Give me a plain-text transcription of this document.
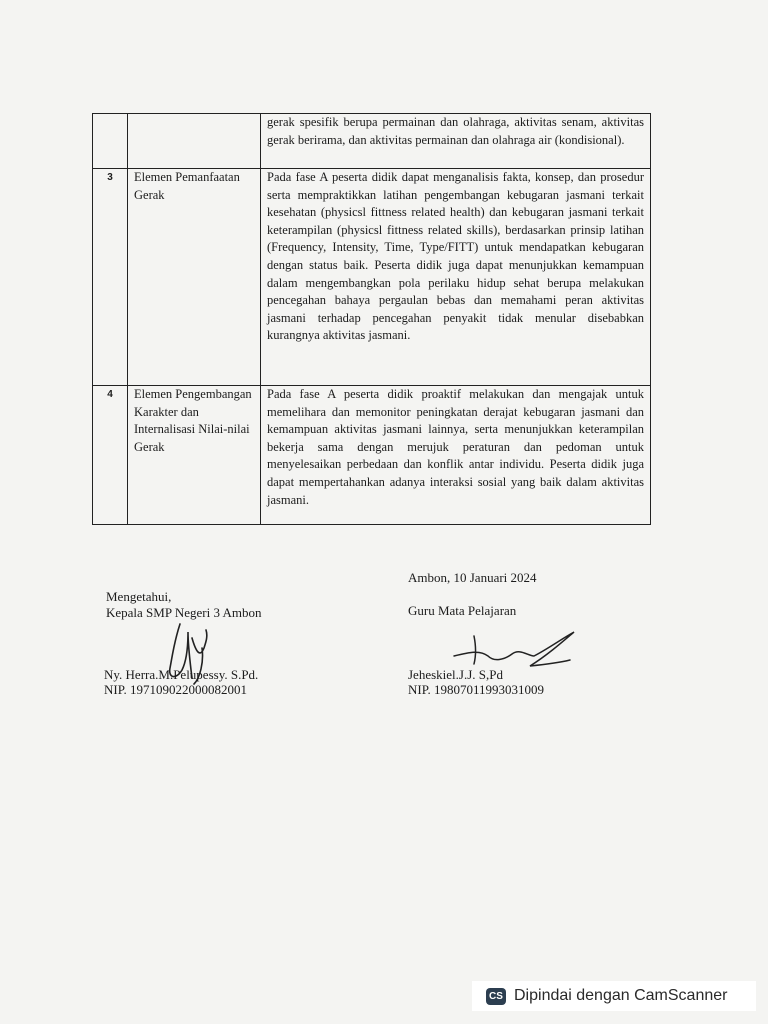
		gerak spesifik berupa permainan dan olahraga, aktivitas senam, aktivitas gerak berirama, dan aktivitas permainan dan olahraga air (kondisional).
3	Elemen Pemanfaatan Gerak	Pada fase A peserta didik dapat menganalisis fakta, konsep, dan prosedur serta mempraktikkan latihan pengembangan kebugaran jasmani terkait kesehatan (physicsl fittness related health) dan kebugaran jasmani terkait keterampilan (physicsl fittness related skills), berdasarkan prinsip latihan (Frequency, Intensity, Time, Type/FITT) untuk mendapatkan kebugaran dengan status baik. Peserta didik juga dapat menunjukkan kemampuan dalam mengembangkan pola perilaku hidup sehat berupa melakukan pencegahan bahaya pergaulan bebas dan memahami peran aktivitas jasmani terhadap pencegahan penyakit tidak menular disebabkan kurangnya aktivitas jasmani.
4	Elemen Pengembangan Karakter dan Internalisasi Nilai-nilai Gerak	Pada fase A peserta didik proaktif melakukan dan mengajak untuk memelihara dan memonitor peningkatan derajat kebugaran jasmani dan kemampuan aktivitas jasmani lainnya, serta menunjukkan keterampilan bekerja sama dengan merujuk peraturan dan pedoman untuk menyelesaikan perbedaan dan konflik antar individu. Peserta didik juga dapat mempertahankan adanya interaksi sosial yang baik dalam aktivitas jasmani.
Mengetahui,
Kepala SMP Negeri 3 Ambon
Ny. Herra.M.Pelupessy. S.Pd.
NIP. 197109022000082001
Ambon, 10 Januari 2024
Guru Mata Pelajaran
Jeheskiel.J.J. S,Pd
NIP. 19807011993031009
CS Dipindai dengan CamScanner
